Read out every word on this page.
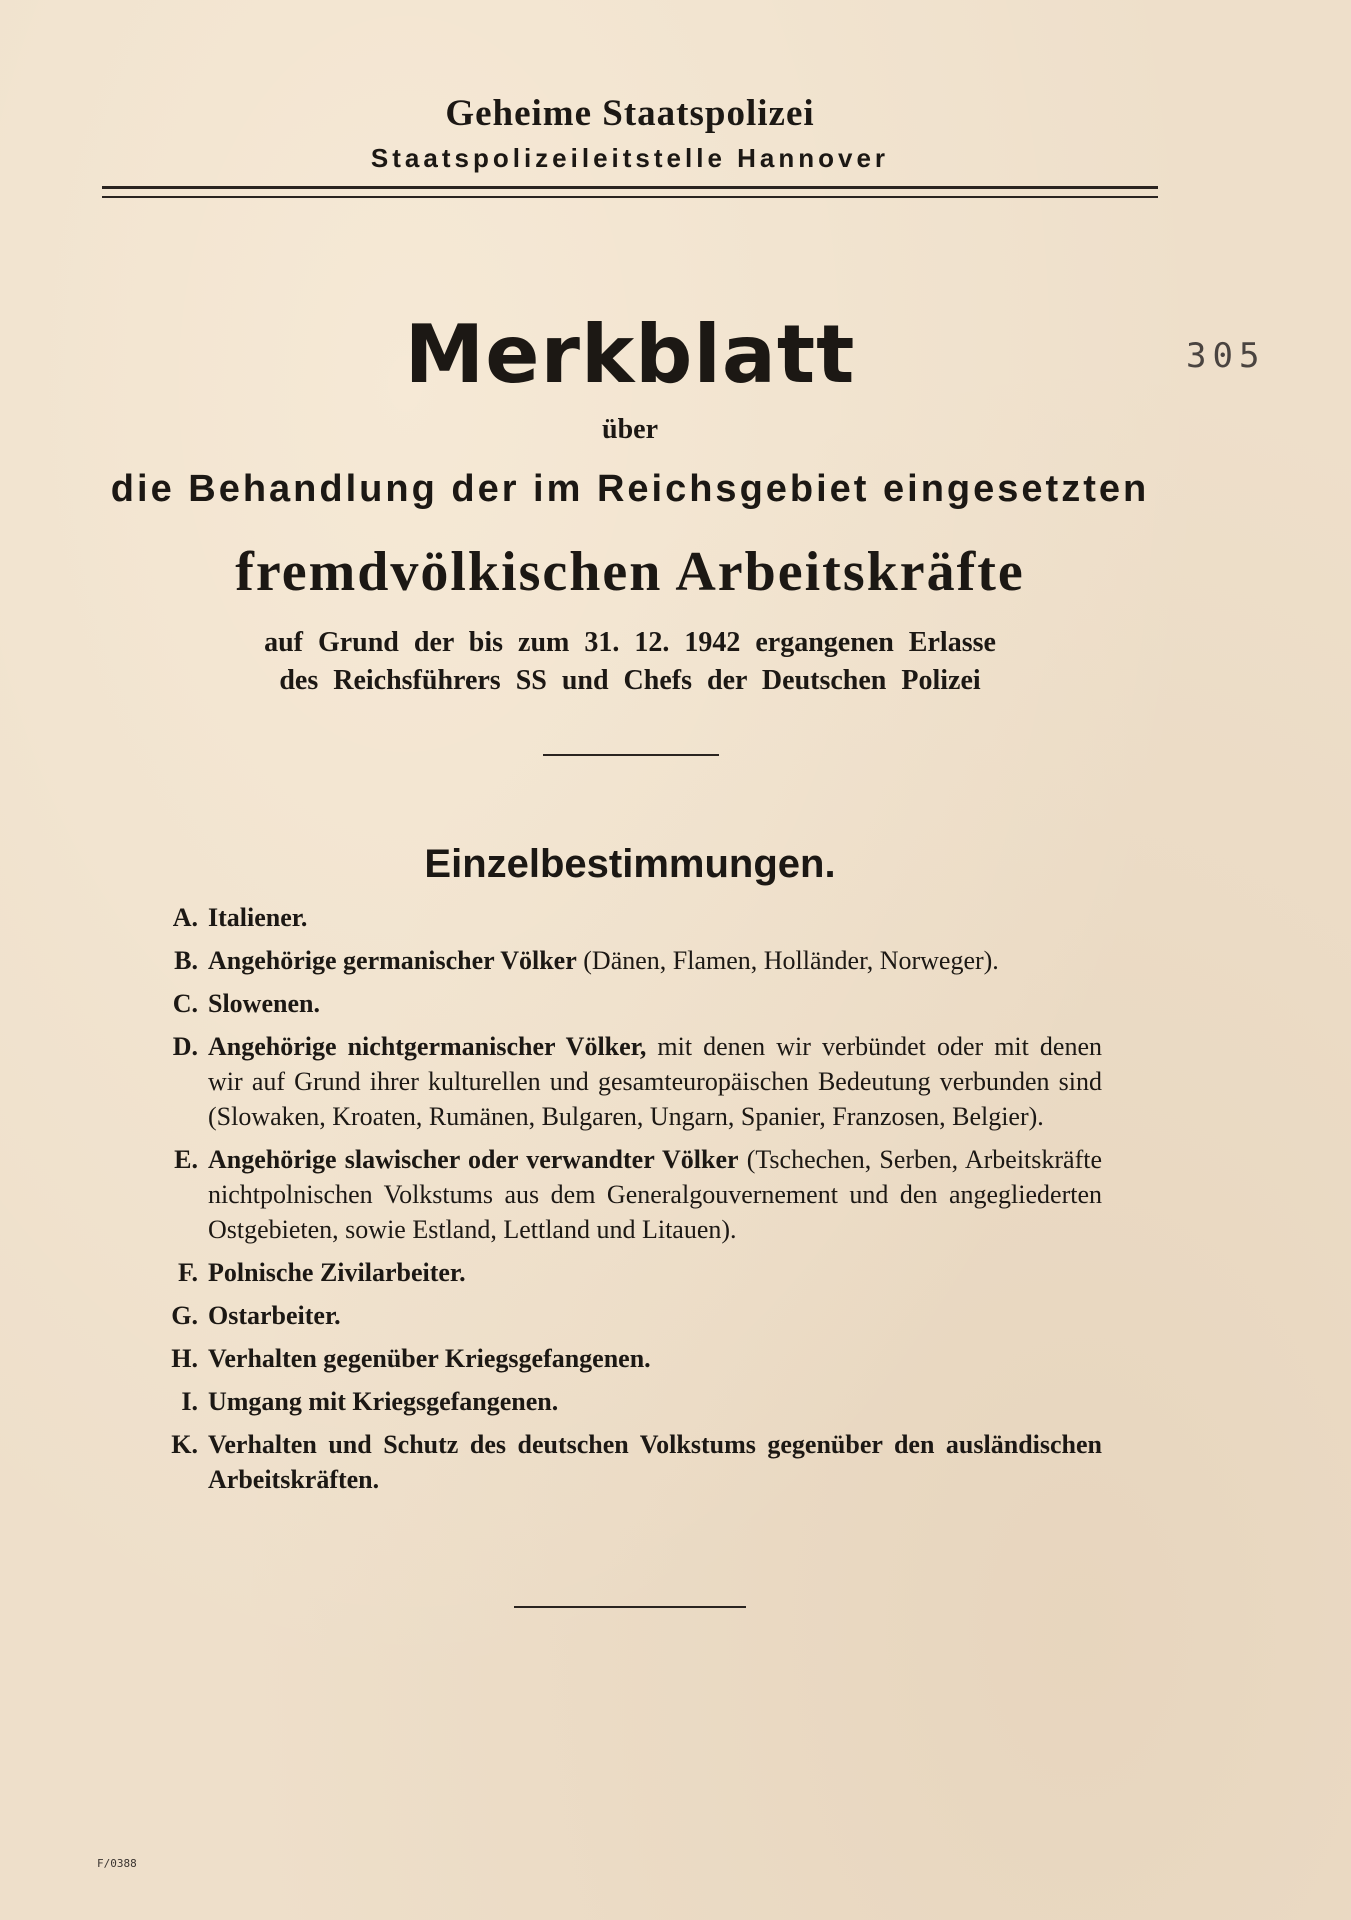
Geheime Staatspolizei
Staatspolizeileitstelle Hannover
Merkblatt	305
über
die Behandlung der im Reichsgebiet eingesetzten
fremdvölkischen Arbeitskräfte
auf Grund der bis zum 31. 12. 1942 ergangenen Erlasse
des Reichsführers SS und Chefs der Deutschen Polizei
Einzelbestimmungen.
A. Italiener.
B. Angehörige germanischer Völker (Dänen, Flamen, Holländer, Norweger).
C. Slowenen.
D. Angehörige nichtgermanischer Völker, mit denen wir verbündet oder mit denen wir auf Grund ihrer kulturellen und gesamteuropäischen Bedeutung verbunden sind (Slowaken, Kroaten, Rumänen, Bulgaren, Ungarn, Spanier, Franzosen, Belgier).
E. Angehörige slawischer oder verwandter Völker (Tschechen, Serben, Arbeitskräfte nichtpolnischen Volkstums aus dem Generalgouvernement und den angegliederten Ostgebieten, sowie Estland, Lettland und Litauen).
F. Polnische Zivilarbeiter.
G. Ostarbeiter.
H. Verhalten gegenüber Kriegsgefangenen.
I. Umgang mit Kriegsgefangenen.
K. Verhalten und Schutz des deutschen Volkstums gegenüber den ausländischen Arbeitskräften.
F/0388
